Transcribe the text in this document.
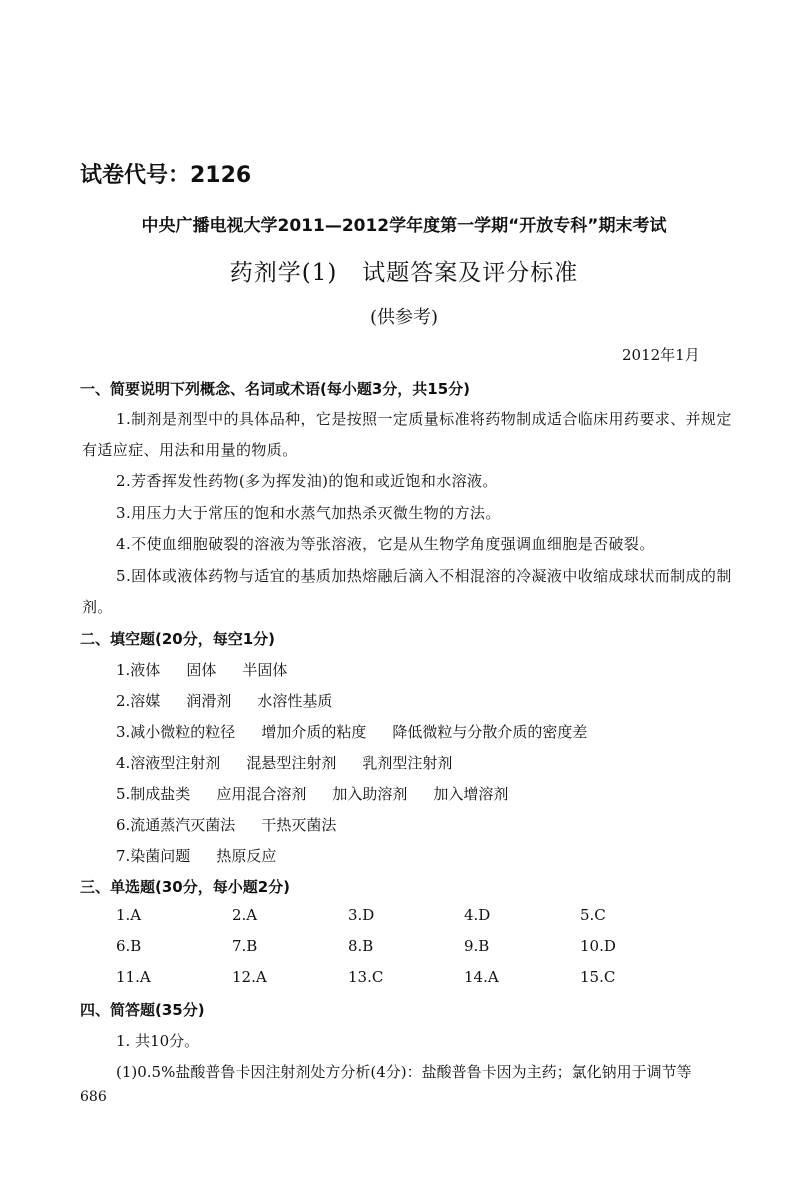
试卷代号：2126
中央广播电视大学2011—2012学年度第一学期“开放专科”期末考试
药剂学(1)   试题答案及评分标准
(供参考)
2012年1月
一、简要说明下列概念、名词或术语(每小题3分，共15分)
1.制剂是剂型中的具体品种，它是按照一定质量标准将药物制成适合临床用药要求、并规定有适应症、用法和用量的物质。
2.芳香挥发性药物(多为挥发油)的饱和或近饱和水溶液。
3.用压力大于常压的饱和水蒸气加热杀灭微生物的方法。
4.不使血细胞破裂的溶液为等张溶液，它是从生物学角度强调血细胞是否破裂。
5.固体或液体药物与适宜的基质加热熔融后滴入不相混溶的冷凝液中收缩成球状而制成的制剂。
二、填空题(20分，每空1分)
1.液体 固体 半固体
2.溶媒 润滑剂 水溶性基质
3.减小微粒的粒径 增加介质的粘度 降低微粒与分散介质的密度差
4.溶液型注射剂 混悬型注射剂 乳剂型注射剂
5.制成盐类 应用混合溶剂 加入助溶剂 加入增溶剂
6.流通蒸汽灭菌法 干热灭菌法
7.染菌问题 热原反应
三、单选题(30分，每小题2分)
1.A	2.A	3.D	4.D	5.C
6.B	7.B	8.B	9.B	10.D
11.A	12.A	13.C	14.A	15.C
四、简答题(35分)
1. 共10分。
(1)0.5%盐酸普鲁卡因注射剂处方分析(4分)：盐酸普鲁卡因为主药；氯化钠用于调节等
686
